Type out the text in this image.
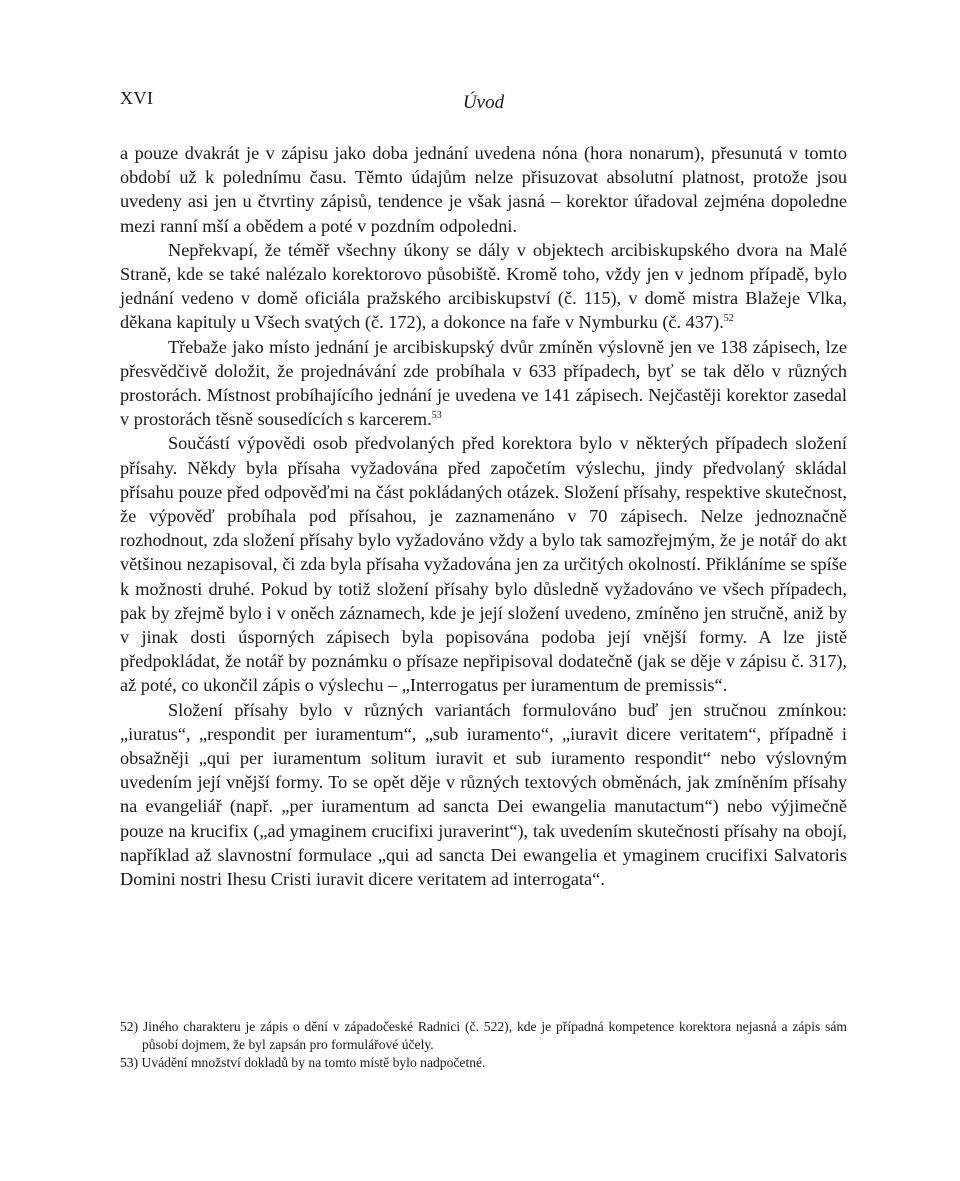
XVI	Úvod

a pouze dvakrát je v zápisu jako doba jednání uvedena nóna (hora nonarum), přesunutá v tomto období už k polednímu času. Těmto údajům nelze přisuzovat absolutní platnost, protože jsou uvedeny asi jen u čtvrtiny zápisů, tendence je však jasná – korektor úřadoval zejména dopoledne mezi ranní mší a obědem a poté v pozdním odpoledni.

Nepřekvapí, že téměř všechny úkony se dály v objektech arcibiskupského dvora na Malé Straně, kde se také nalézalo korektorovo působiště. Kromě toho, vždy jen v jednom případě, bylo jednání vedeno v domě oficiála pražského arcibiskupství (č. 115), v domě mistra Blažeje Vlka, děkana kapituly u Všech svatých (č. 172), a dokonce na faře v Nymburku (č. 437).$^{52}$

Třebaže jako místo jednání je arcibiskupský dvůr zmíněn výslovně jen ve 138 zápisech, lze přesvědčivě doložit, že projednávání zde probíhala v 633 případech, byť se tak dělo v různých prostorách. Místnost probíhajícího jednání je uvedena ve 141 zápisech. Nejčastěji korektor zasedal v prostorách těsně sousedících s karcerem.$^{53}$

Součástí výpovědi osob předvolaných před korektora bylo v některých případech složení přísahy. Někdy byla přísaha vyžadována před započetím výslechu, jindy předvolaný skládal přísahu pouze před odpověďmi na část pokládaných otázek. Složení přísahy, respektive skutečnost, že výpověď probíhala pod přísahou, je zaznamenáno v 70 zápisech. Nelze jednoznačně rozhodnout, zda složení přísahy bylo vyžadováno vždy a bylo tak samozřejmým, že je notář do akt většinou nezapisoval, či zda byla přísaha vyžadována jen za určitých okolností. Přikláníme se spíše k možnosti druhé. Pokud by totiž složení přísahy bylo důsledně vyžadováno ve všech případech, pak by zřejmě bylo i v oněch záznamech, kde je její složení uvedeno, zmíněno jen stručně, aniž by v jinak dosti úsporných zápisech byla popisována podoba její vnější formy. A lze jistě předpokládat, že notář by poznámku o přísaze nepřipisoval dodatečně (jak se děje v zápisu č. 317), až poté, co ukončil zápis o výslechu – „Interrogatus per iuramentum de premissis“.

Složení přísahy bylo v různých variantách formulováno buď jen stručnou zmínkou: „iuratus“, „respondit per iuramentum“, „sub iuramento“, „iuravit dicere veritatem“, případně i obsažněji „qui per iuramentum solitum iuravit et sub iuramento respondit“ nebo výslovným uvedením její vnější formy. To se opět děje v různých textových obměnách, jak zmíněním přísahy na evangeliář (např. „per iuramentum ad sancta Dei ewangelia manutactum“) nebo výjimečně pouze na krucifix („ad ymaginem crucifixi juraverint“), tak uvedením skutečnosti přísahy na obojí, například až slavnostní formulace „qui ad sancta Dei ewangelia et ymaginem crucifixi Salvatoris Domini nostri Ihesu Cristi iuravit dicere veritatem ad interrogata“.

52) Jiného charakteru je zápis o dění v západočeské Radnici (č. 522), kde je případná kompetence korektora nejasná a zápis sám působí dojmem, že byl zapsán pro formulářové účely.

53) Uvádění množství dokladů by na tomto místě bylo nadpočetné.
